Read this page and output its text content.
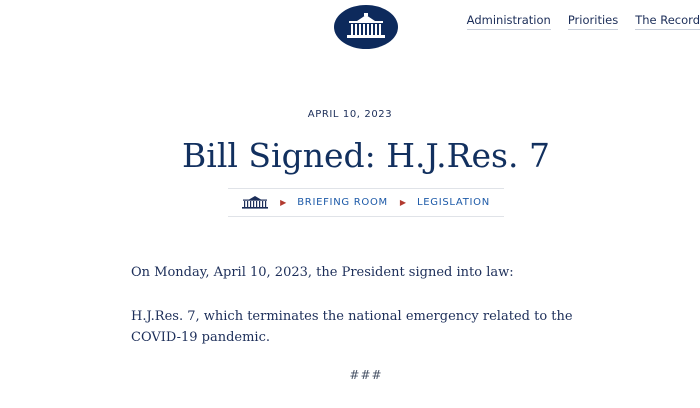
Administration Priorities The Record
APRIL 10, 2023
Bill Signed: H.J.Res. 7
▶ BRIEFING ROOM ▶ LEGISLATION

On Monday, April 10, 2023, the President signed into law:

H.J.Res. 7, which terminates the national emergency related to the COVID-19 pandemic.

###
